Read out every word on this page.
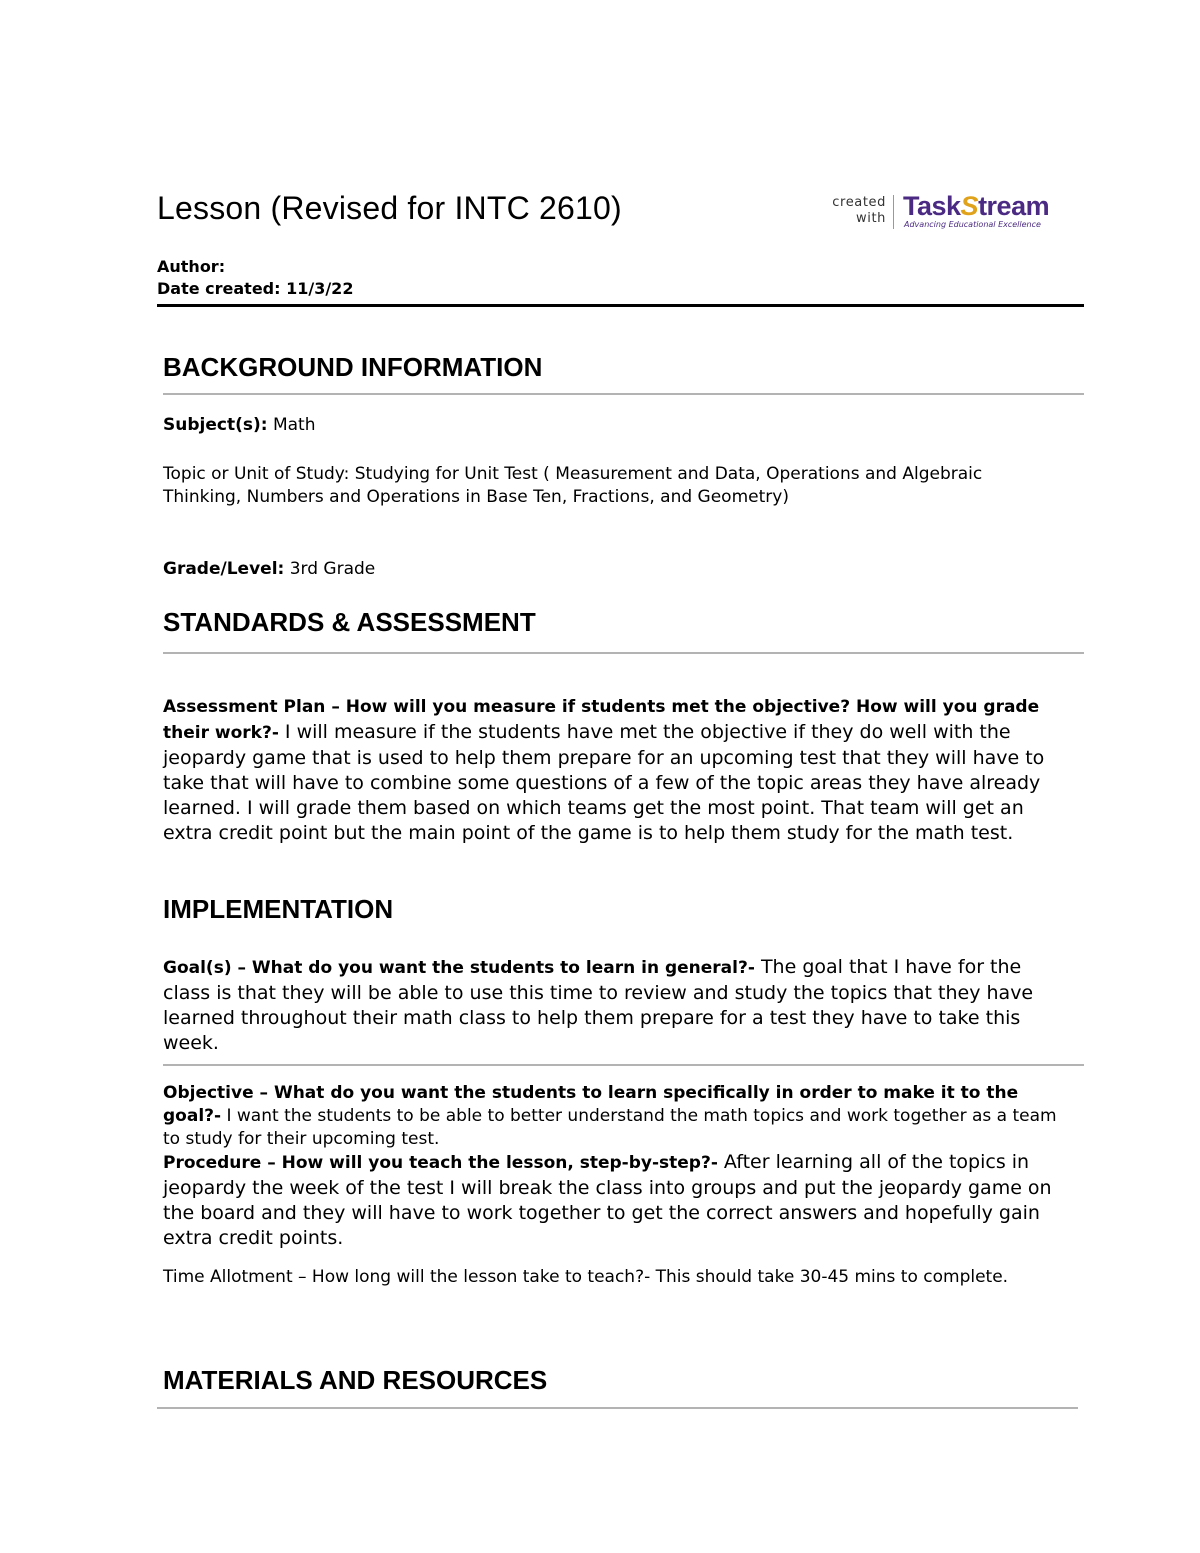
Lesson (Revised for INTC 2610)	created
with TaskStream
Advancing Educational Excellence
Author:
Date created: 11/3/22
BACKGROUND INFORMATION
Subject(s): Math
Topic or Unit of Study: Studying for Unit Test ( Measurement and Data, Operations and Algebraic Thinking, Numbers and Operations in Base Ten, Fractions, and Geometry)
Grade/Level: 3rd Grade
STANDARDS & ASSESSMENT
Assessment Plan – How will you measure if students met the objective? How will you grade their work?- I will measure if the students have met the objective if they do well with the jeopardy game that is used to help them prepare for an upcoming test that they will have to take that will have to combine some questions of a few of the topic areas they have already learned. I will grade them based on which teams get the most point. That team will get an extra credit point but the main point of the game is to help them study for the math test.
IMPLEMENTATION
Goal(s) – What do you want the students to learn in general?- The goal that I have for the class is that they will be able to use this time to review and study the topics that they have learned throughout their math class to help them prepare for a test they have to take this week.
Objective – What do you want the students to learn specifically in order to make it to the goal?- I want the students to be able to better understand the math topics and work together as a team to study for their upcoming test.
Procedure – How will you teach the lesson, step-by-step?- After learning all of the topics in jeopardy the week of the test I will break the class into groups and put the jeopardy game on the board and they will have to work together to get the correct answers and hopefully gain extra credit points.
Time Allotment – How long will the lesson take to teach?- This should take 30-45 mins to complete.
MATERIALS AND RESOURCES
